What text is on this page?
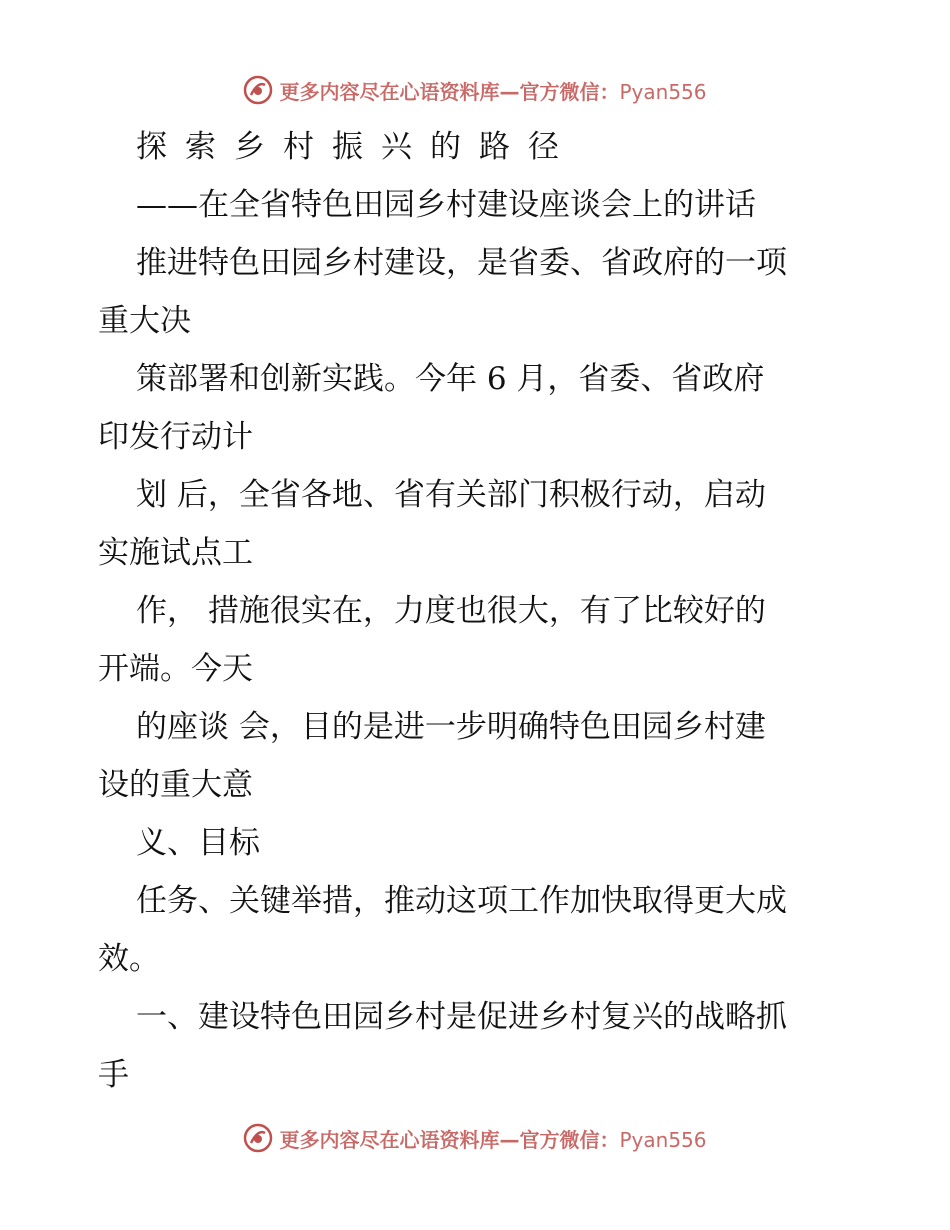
更多内容尽在心语资料库—官方微信：Pyan556
探索乡村振兴的路径
——在全省特色田园乡村建设座谈会上的讲话
推进特色田园乡村建设，是省委、省政府的一项
重大决
策部署和创新实践。今年 6 月，省委、省政府
印发行动计
划 后，全省各地、省有关部门积极行动，启动
实施试点工
作， 措施很实在，力度也很大，有了比较好的
开端。今天
的座谈 会，目的是进一步明确特色田园乡村建
设的重大意
义、目标
任务、关键举措，推动这项工作加快取得更大成
效。
一、建设特色田园乡村是促进乡村复兴的战略抓
手
更多内容尽在心语资料库—官方微信：Pyan556
